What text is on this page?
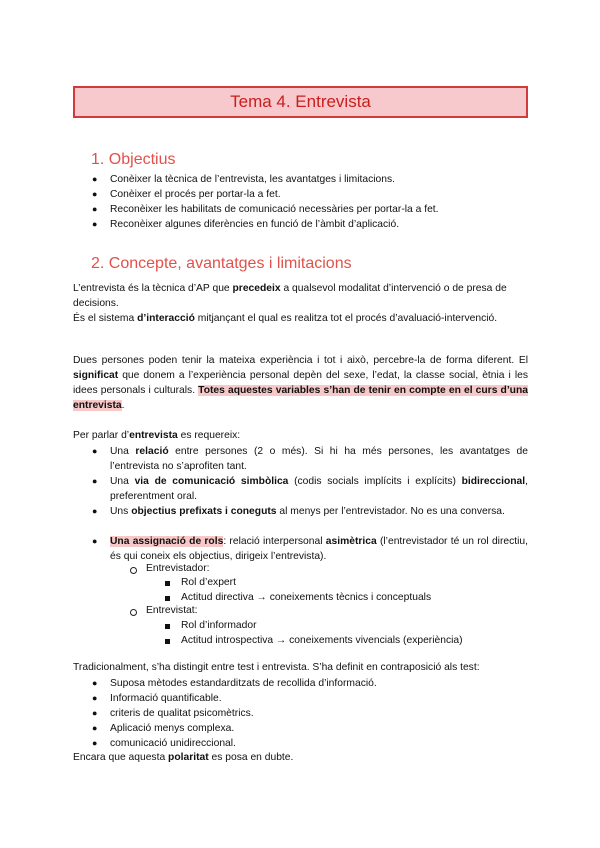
Tema 4. Entrevista
1. Objectius
● Conèixer la tècnica de l’entrevista, les avantatges i limitacions.
● Conèixer el procés per portar-la a fet.
● Reconèixer les habilitats de comunicació necessàries per portar-la a fet.
● Reconèixer algunes diferències en funció de l’àmbit d’aplicació.
2. Concepte, avantatges i limitacions

L’entrevista és la tècnica d’AP que precedeix a qualsevol modalitat d’intervenció o de presa de decisions.

És el sistema d’interacció mitjançant el qual es realitza tot el procés d’avaluació-intervenció.

Dues persones poden tenir la mateixa experiència i tot i això, percebre-la de forma diferent. El significat que donem a l’experiència personal depèn del sexe, l’edat, la classe social, ètnia i les idees personals i culturals. Totes aquestes variables s’han de tenir en compte en el curs d’una entrevista.

Per parlar d’entrevista es requereix:

● Una relació entre persones (2 o més). Si hi ha més persones, les avantatges de l’entrevista no s’aprofiten tant.

● Una via de comunicació simbòlica (codis socials implícits i explícits) bidireccional, preferentment oral.

● Uns objectius prefixats i coneguts al menys per l’entrevistador. No es una conversa.

● Una assignació de rols: relació interpersonal asimètrica (l’entrevistador té un rol directiu, és qui coneix els objectius, dirigeix l’entrevista).

Entrevistador:
Rol d’expert
Actitud directiva → coneixements tècnics i conceptuals
Entrevistat:
Rol d’informador
Actitud introspectiva → coneixements vivencials (experiència)
Tradicionalment, s’ha distingit entre test i entrevista. S’ha definit en contraposició als test:
● Suposa mètodes estandarditzats de recollida d’informació.
● Informació quantificable.
● criteris de qualitat psicomètrics.
● Aplicació menys complexa.
● comunicació unidireccional.

Encara que aquesta polaritat es posa en dubte.
